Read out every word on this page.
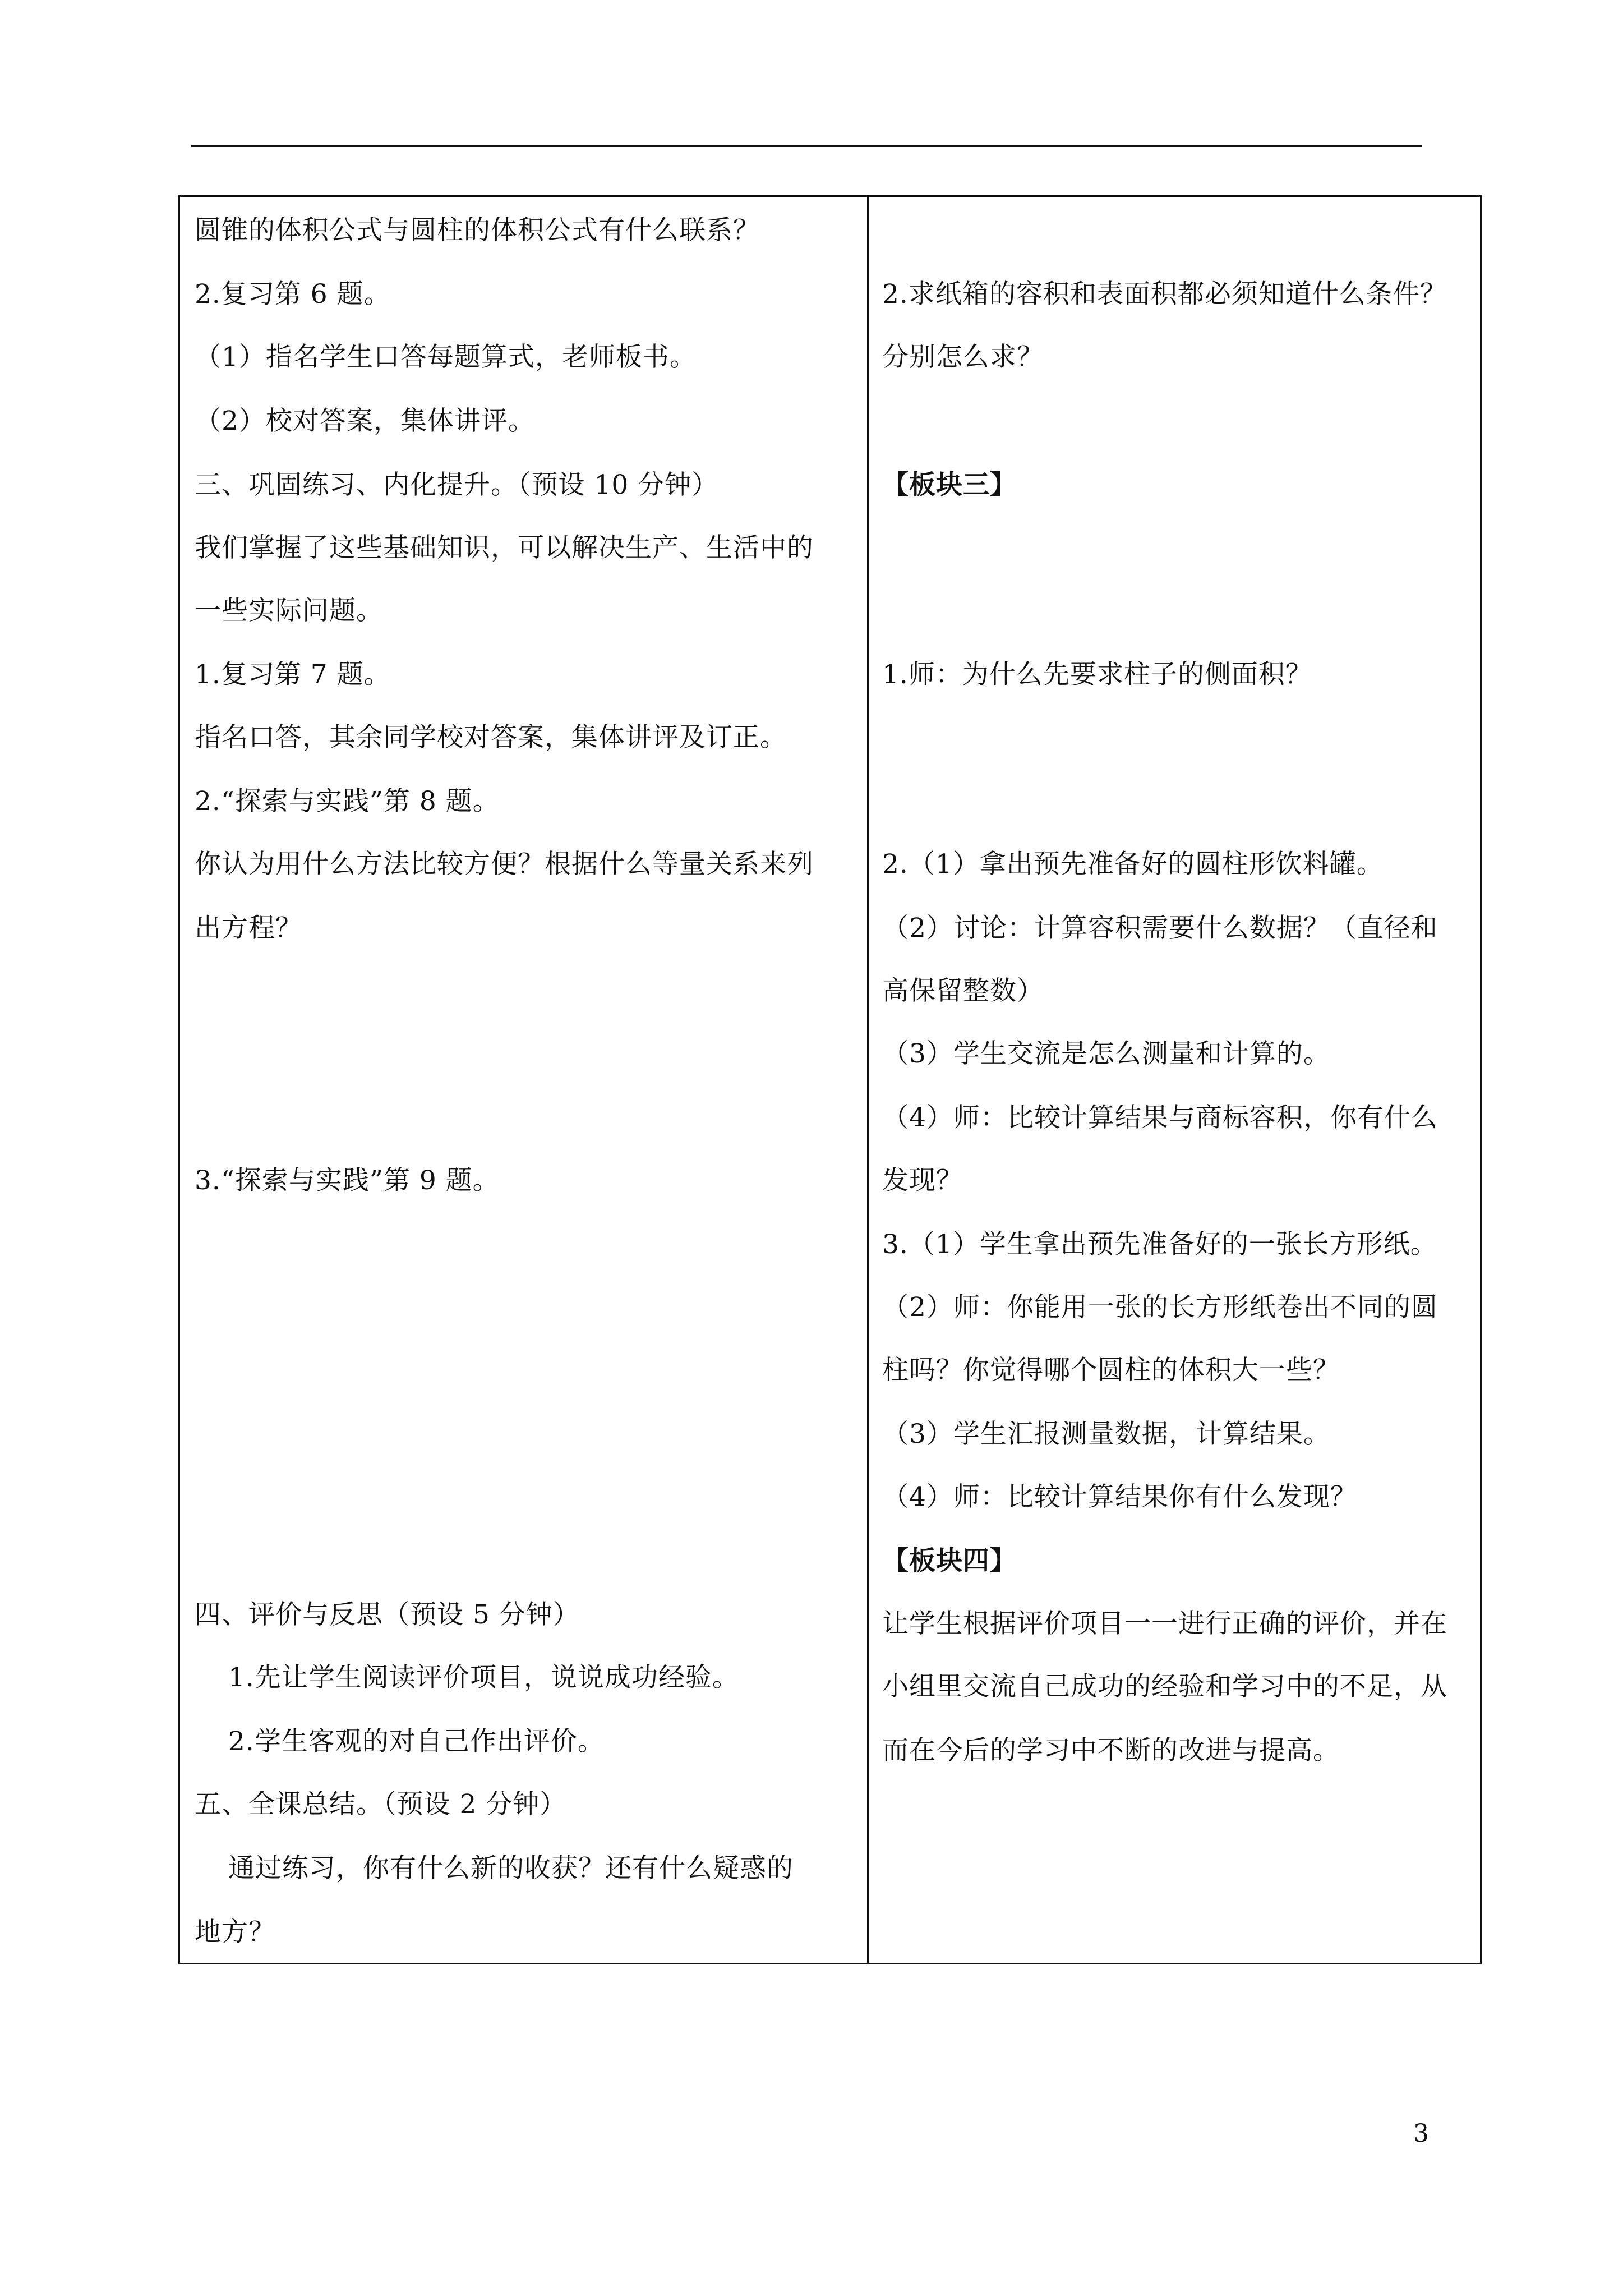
圆锥的体积公式与圆柱的体积公式有什么联系？
2.复习第 6 题。
（1）指名学生口答每题算式，老师板书。
（2）校对答案，集体讲评。
三、巩固练习、内化提升。（预设 10 分钟）
我们掌握了这些基础知识，可以解决生产、生活中的
一些实际问题。
1.复习第 7 题。
指名口答，其余同学校对答案，集体讲评及订正。
2.“探索与实践”第 8 题。
你认为用什么方法比较方便？根据什么等量关系来列
出方程？
3.“探索与实践”第 9 题。
四、评价与反思（预设 5 分钟）
1.先让学生阅读评价项目，说说成功经验。
2.学生客观的对自己作出评价。
五、全课总结。（预设 2 分钟）
通过练习，你有什么新的收获？还有什么疑惑的
地方？
2.求纸箱的容积和表面积都必须知道什么条件？
分别怎么求？
【板块三】
1.师：为什么先要求柱子的侧面积？
2.（1）拿出预先准备好的圆柱形饮料罐。
（2）讨论：计算容积需要什么数据？（直径和
高保留整数）
（3）学生交流是怎么测量和计算的。
（4）师：比较计算结果与商标容积，你有什么
发现？
3.（1）学生拿出预先准备好的一张长方形纸。
（2）师：你能用一张的长方形纸卷出不同的圆
柱吗？你觉得哪个圆柱的体积大一些？
（3）学生汇报测量数据，计算结果。
（4）师：比较计算结果你有什么发现？
【板块四】
让学生根据评价项目一一进行正确的评价，并在
小组里交流自己成功的经验和学习中的不足，从
而在今后的学习中不断的改进与提高。
3
